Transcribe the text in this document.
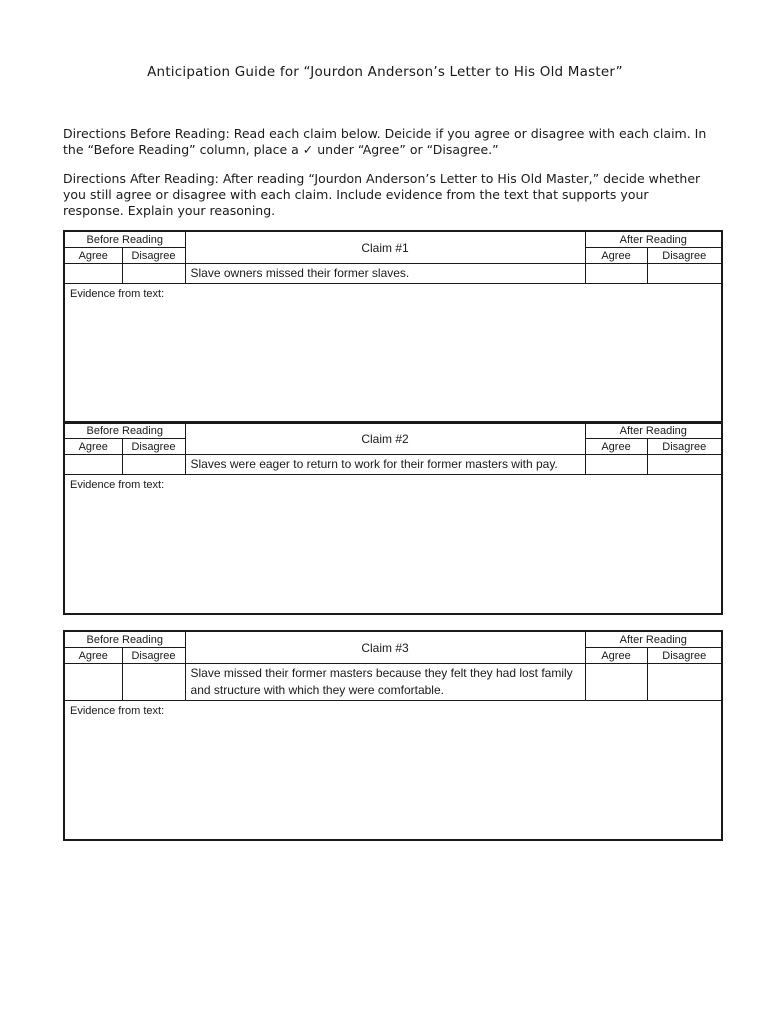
Anticipation Guide for “Jourdon Anderson’s Letter to His Old Master”
Directions Before Reading: Read each claim below. Deicide if you agree or disagree with each claim. In the “Before Reading” column, place a ✓ under “Agree” or “Disagree.”
Directions After Reading: After reading “Jourdon Anderson’s Letter to His Old Master,” decide whether you still agree or disagree with each claim. Include evidence from the text that supports your response. Explain your reasoning.
Before Reading		Claim #1	After Reading	
Agree	Disagree		Agree	Disagree
		Slave owners missed their former slaves.		
Evidence from text:				
Before Reading		Claim #2	After Reading	
Agree	Disagree		Agree	Disagree
		Slaves were eager to return to work for their former masters with pay.		
Evidence from text:				
Before Reading		Claim #3	After Reading	
Agree	Disagree		Agree	Disagree
		Slave missed their former masters because they felt they had lost family and structure with which they were comfortable.		
Evidence from text:				
